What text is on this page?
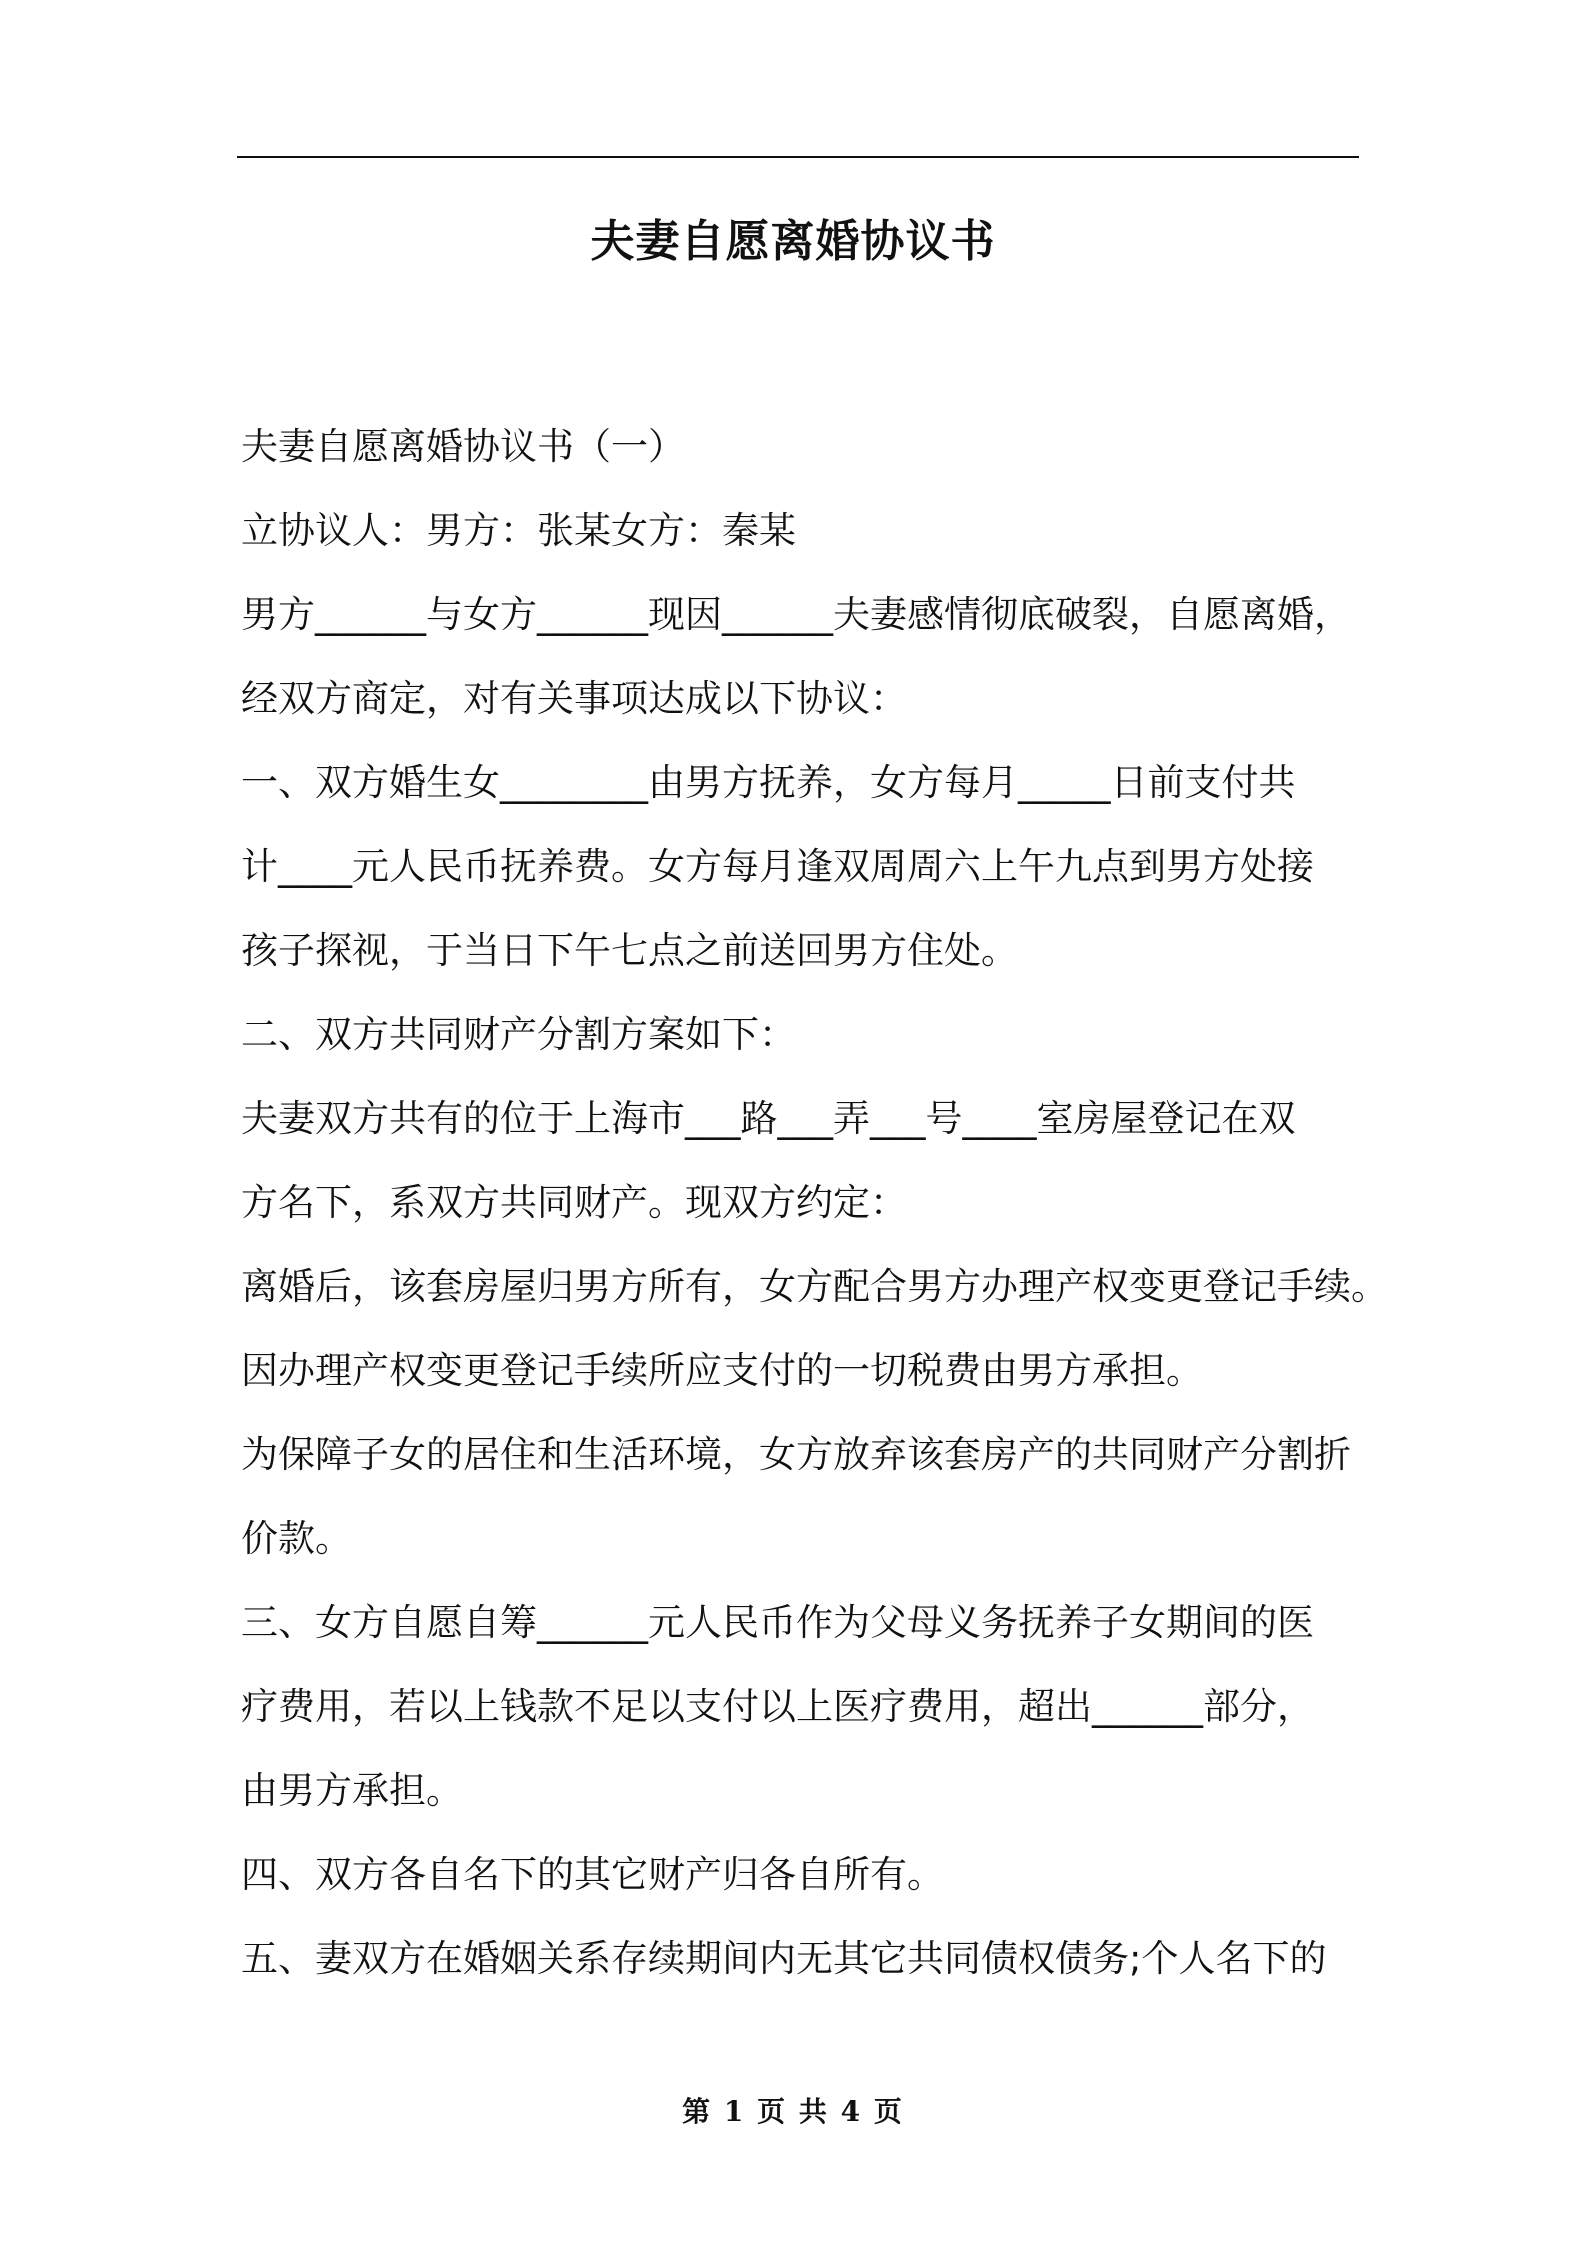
夫妻自愿离婚协议书
夫妻自愿离婚协议书（一）
立协议人：男方：张某女方：秦某
男方______与女方______现因______夫妻感情彻底破裂，自愿离婚，
经双方商定，对有关事项达成以下协议：
一、双方婚生女________由男方抚养，女方每月_____日前支付共
计____元人民币抚养费。女方每月逢双周周六上午九点到男方处接
孩子探视，于当日下午七点之前送回男方住处。
二、双方共同财产分割方案如下：
夫妻双方共有的位于上海市___路___弄___号____室房屋登记在双
方名下，系双方共同财产。现双方约定：
离婚后，该套房屋归男方所有，女方配合男方办理产权变更登记手续。
因办理产权变更登记手续所应支付的一切税费由男方承担。
为保障子女的居住和生活环境，女方放弃该套房产的共同财产分割折
价款。
三、女方自愿自筹______元人民币作为父母义务抚养子女期间的医
疗费用，若以上钱款不足以支付以上医疗费用，超出______部分，
由男方承担。
四、双方各自名下的其它财产归各自所有。
五、妻双方在婚姻关系存续期间内无其它共同债权债务;个人名下的
第 1 页 共 4 页
